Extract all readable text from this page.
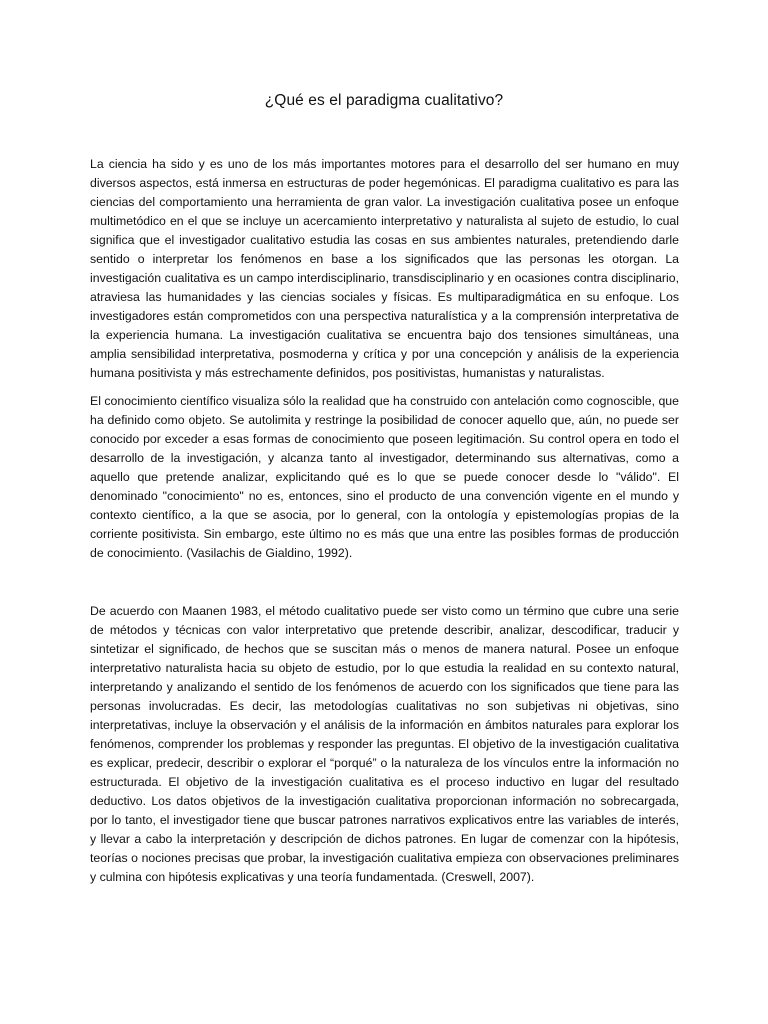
¿Qué es el paradigma cualitativo?

La ciencia ha sido y es uno de los más importantes motores para el desarrollo del ser humano en muy diversos aspectos, está inmersa en estructuras de poder hegemónicas. El paradigma cualitativo es para las ciencias del comportamiento una herramienta de gran valor. La investigación cualitativa posee un enfoque multimetódico en el que se incluye un acercamiento interpretativo y naturalista al sujeto de estudio, lo cual significa que el investigador cualitativo estudia las cosas en sus ambientes naturales, pretendiendo darle sentido o interpretar los fenómenos en base a los significados que las personas les otorgan. La investigación cualitativa es un campo interdisciplinario, transdisciplinario y en ocasiones contra disciplinario, atraviesa las humanidades y las ciencias sociales y físicas. Es multiparadigmática en su enfoque. Los investigadores están comprometidos con una perspectiva naturalística y a la comprensión interpretativa de la experiencia humana. La investigación cualitativa se encuentra bajo dos tensiones simultáneas, una amplia sensibilidad interpretativa, posmoderna y crítica y por una concepción y análisis de la experiencia humana positivista y más estrechamente definidos, pos positivistas, humanistas y naturalistas.

El conocimiento científico visualiza sólo la realidad que ha construido con antelación como cognoscible, que ha definido como objeto. Se autolimita y restringe la posibilidad de conocer aquello que, aún, no puede ser conocido por exceder a esas formas de conocimiento que poseen legitimación. Su control opera en todo el desarrollo de la investigación, y alcanza tanto al investigador, determinando sus alternativas, como a aquello que pretende analizar, explicitando qué es lo que se puede conocer desde lo "válido". El denominado "conocimiento" no es, entonces, sino el producto de una convención vigente en el mundo y contexto científico, a la que se asocia, por lo general, con la ontología y epistemologías propias de la corriente positivista. Sin embargo, este último no es más que una entre las posibles formas de producción de conocimiento. (Vasilachis de Gialdino, 1992).

De acuerdo con Maanen 1983, el método cualitativo puede ser visto como un término que cubre una serie de métodos y técnicas con valor interpretativo que pretende describir, analizar, descodificar, traducir y sintetizar el significado, de hechos que se suscitan más o menos de manera natural. Posee un enfoque interpretativo naturalista hacia su objeto de estudio, por lo que estudia la realidad en su contexto natural, interpretando y analizando el sentido de los fenómenos de acuerdo con los significados que tiene para las personas involucradas. Es decir, las metodologías cualitativas no son subjetivas ni objetivas, sino interpretativas, incluye la observación y el análisis de la información en ámbitos naturales para explorar los fenómenos, comprender los problemas y responder las preguntas. El objetivo de la investigación cualitativa es explicar, predecir, describir o explorar el “porqué” o la naturaleza de los vínculos entre la información no estructurada. El objetivo de la investigación cualitativa es el proceso inductivo en lugar del resultado deductivo. Los datos objetivos de la investigación cualitativa proporcionan información no sobrecargada, por lo tanto, el investigador tiene que buscar patrones narrativos explicativos entre las variables de interés, y llevar a cabo la interpretación y descripción de dichos patrones. En lugar de comenzar con la hipótesis, teorías o nociones precisas que probar, la investigación cualitativa empieza con observaciones preliminares y culmina con hipótesis explicativas y una teoría fundamentada. (Creswell, 2007).
